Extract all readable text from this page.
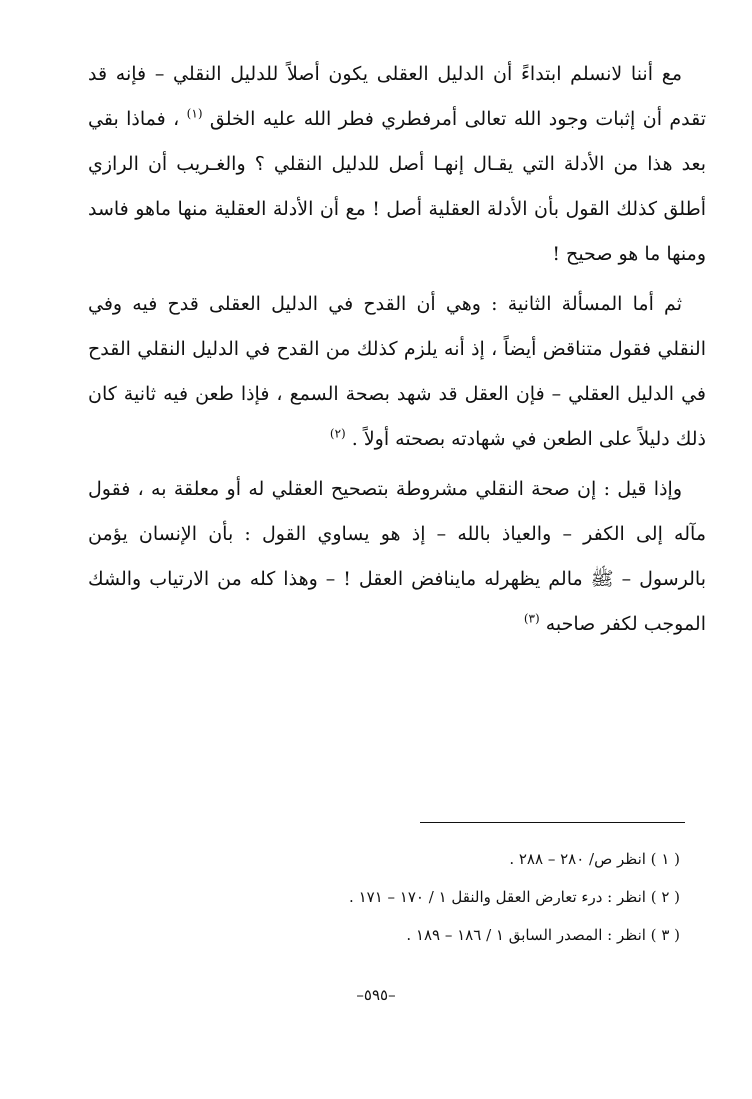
مع أننا لانسلم ابتداءً أن الدليل العقلى يكون أصلاً للدليل النقلي – فإنه قد تقدم أن إثبات وجود الله تعالى أمرفطري فطر الله عليه الخلق $^{(١)}$ ، فماذا بقي بعد هذا من الأدلة التي يقـال إنهـا أصل للدليل النقلي ؟ والغـريب أن الرازي أطلق كذلك القول بأن الأدلة العقلية أصل ! مع أن الأدلة العقلية منها ماهو فاسد ومنها ما هو صحيح !

ثم أما المسألة الثانية : وهي أن القدح في الدليل العقلى قدح فيه وفي النقلي فقول متناقض أيضاً ، إذ أنه يلزم كذلك من القدح في الدليل النقلي القدح في الدليل العقلي – فإن العقل قد شهد بصحة السمع ، فإذا طعن فيه ثانية كان ذلك دليلاً على الطعن في شهادته بصحته أولاً . $^{(٢)}$

وإذا قيل : إن صحة النقلي مشروطة بتصحيح العقلي له أو معلقة به ، فقول مآله إلى الكفر – والعياذ بالله – إذ هو يساوي القول : بأن الإنسان يؤمن بالرسول – ﷺ مالم يظهرله ماينافض العقل ! – وهذا كله من الارتياب والشك الموجب لكفر صاحبه $^{(٣)}$

( ١ ) انظر ص/ ٢٨٠ – ٢٨٨ .
( ٢ ) انظر : درء تعارض العقل والنقل ١ / ١٧٠ – ١٧١ .
( ٣ ) انظر : المصدر السابق ١ / ١٨٦ – ١٨٩ .
–٥٩٥–
